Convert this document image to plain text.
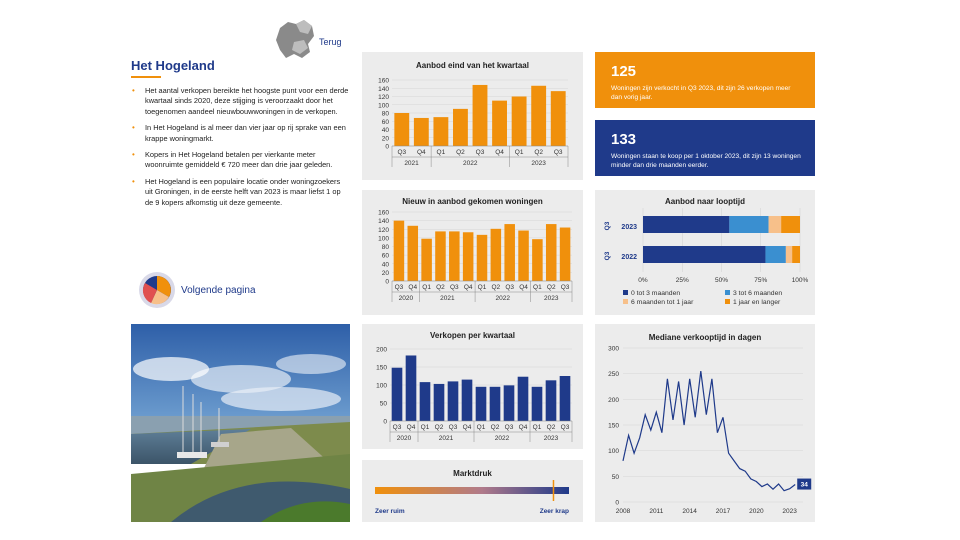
Terug
Het Hogeland
• Het aantal verkopen bereikte het hoogste punt voor een derde kwartaal sinds 2020, deze stijging is veroorzaakt door het toegenomen aandeel nieuwbouwwoningen in de verkopen.
• In Het Hogeland is al meer dan vier jaar op rij sprake van een krappe woningmarkt.
• Kopers in Het Hogeland betalen per vierkante meter woonruimte gemiddeld € 720 meer dan drie jaar geleden.
• Het Hogeland is een populaire locatie onder woningzoekers uit Groningen, in de eerste helft van 2023 is maar liefst 1 op de 9 kopers afkomstig uit deze gemeente.
Volgende pagina
Aanbod eind van het kwartaal
0
20
40
60
80
100
120
140
160
Q3 Q4 Q1 Q2 Q3 Q4 Q1 Q2 Q3
2021	2022	2023
Nieuw in aanbod gekomen woningen
0
20
40
60
80
100
120
140
160
Q3 Q4 Q1 Q2 Q3 Q4 Q1 Q2 Q3 Q4 Q1 Q2 Q3
2020	2021	2022	2023
Verkopen per kwartaal
0
50
100
150
200
Q3 Q4 Q1 Q2 Q3 Q4 Q1 Q2 Q3 Q4 Q1 Q2 Q3
2020	2021	2022	2023
Marktdruk
Zeer ruim	Zeer krap
125
Woningen zijn verkocht in Q3 2023, dit zijn 26 verkopen meer dan vorig jaar.
133
Woningen staan te koop per 1 oktober 2023, dit zijn 13 woningen minder dan drie maanden eerder.
Aanbod naar looptijd
0%	25%	50%	75%	100%
2023
Q3
2022
Q3
0 tot 3 maanden	3 tot 6 maanden
6 maanden tot 1 jaar	1 jaar en langer
Mediane verkooptijd in dagen
0
50
100
150
200
250
300
2008	2011	2014	2017	2020	2023
34
